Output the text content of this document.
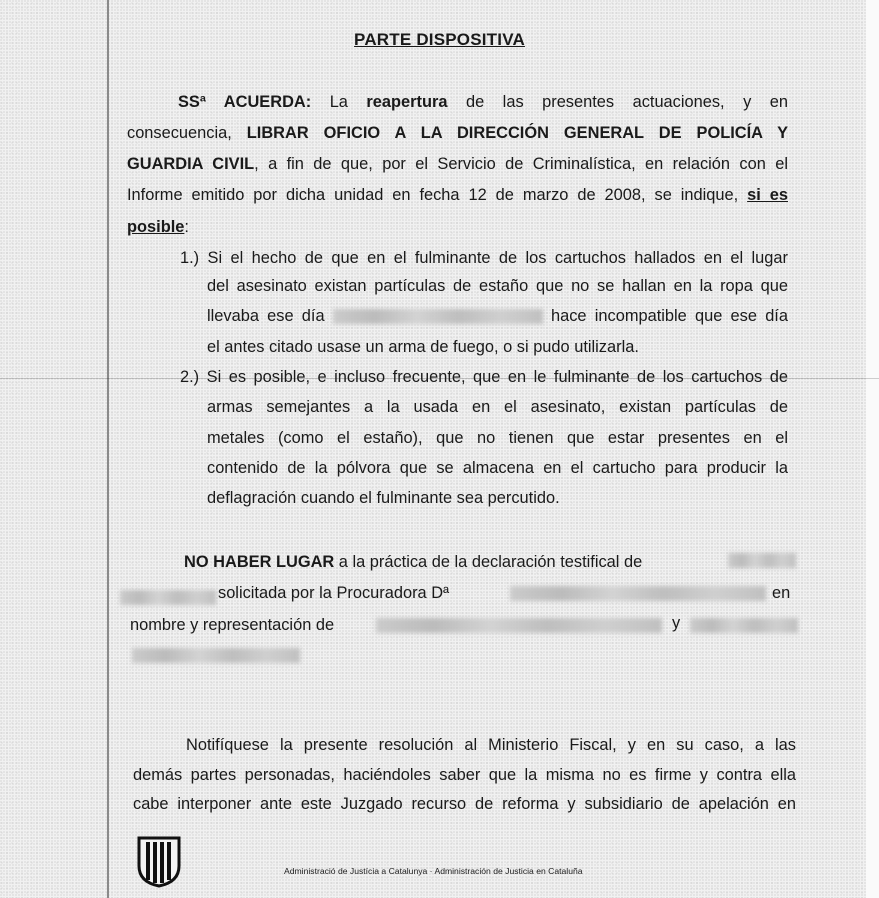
PARTE DISPOSITIVA
SSª ACUERDA: La reapertura de las presentes actuaciones, y en
consecuencia, LIBRAR OFICIO A LA DIRECCIÓN GENERAL DE POLICÍA Y
GUARDIA CIVIL, a fin de que, por el Servicio de Criminalística, en relación con el
Informe emitido por dicha unidad en fecha 12 de marzo de 2008, se indique, si es
posible:
1.) Si el hecho de que en el fulminante de los cartuchos hallados en el lugar
del asesinato existan partículas de estaño que no se hallan en la ropa que
llevaba ese día	hace incompatible que ese día
el antes citado usase un arma de fuego, o si pudo utilizarla.
2.) Si es posible, e incluso frecuente, que en le fulminante de los cartuchos de
armas semejantes a la usada en el asesinato, existan partículas de
metales (como el estaño), que no tienen que estar presentes en el
contenido de la pólvora que se almacena en el cartucho para producir la
deflagración cuando el fulminante sea percutido.
NO HABER LUGAR a la práctica de la declaración testifical de
solicitada por la Procuradora Dª	en
nombre y representación de	y
Notifíquese la presente resolución al Ministerio Fiscal, y en su caso, a las
demás partes personadas, haciéndoles saber que la misma no es firme y contra ella
cabe interponer ante este Juzgado recurso de reforma y subsidiario de apelación en
Administració de Justícia a Catalunya · Administración de Justicia en Cataluña
